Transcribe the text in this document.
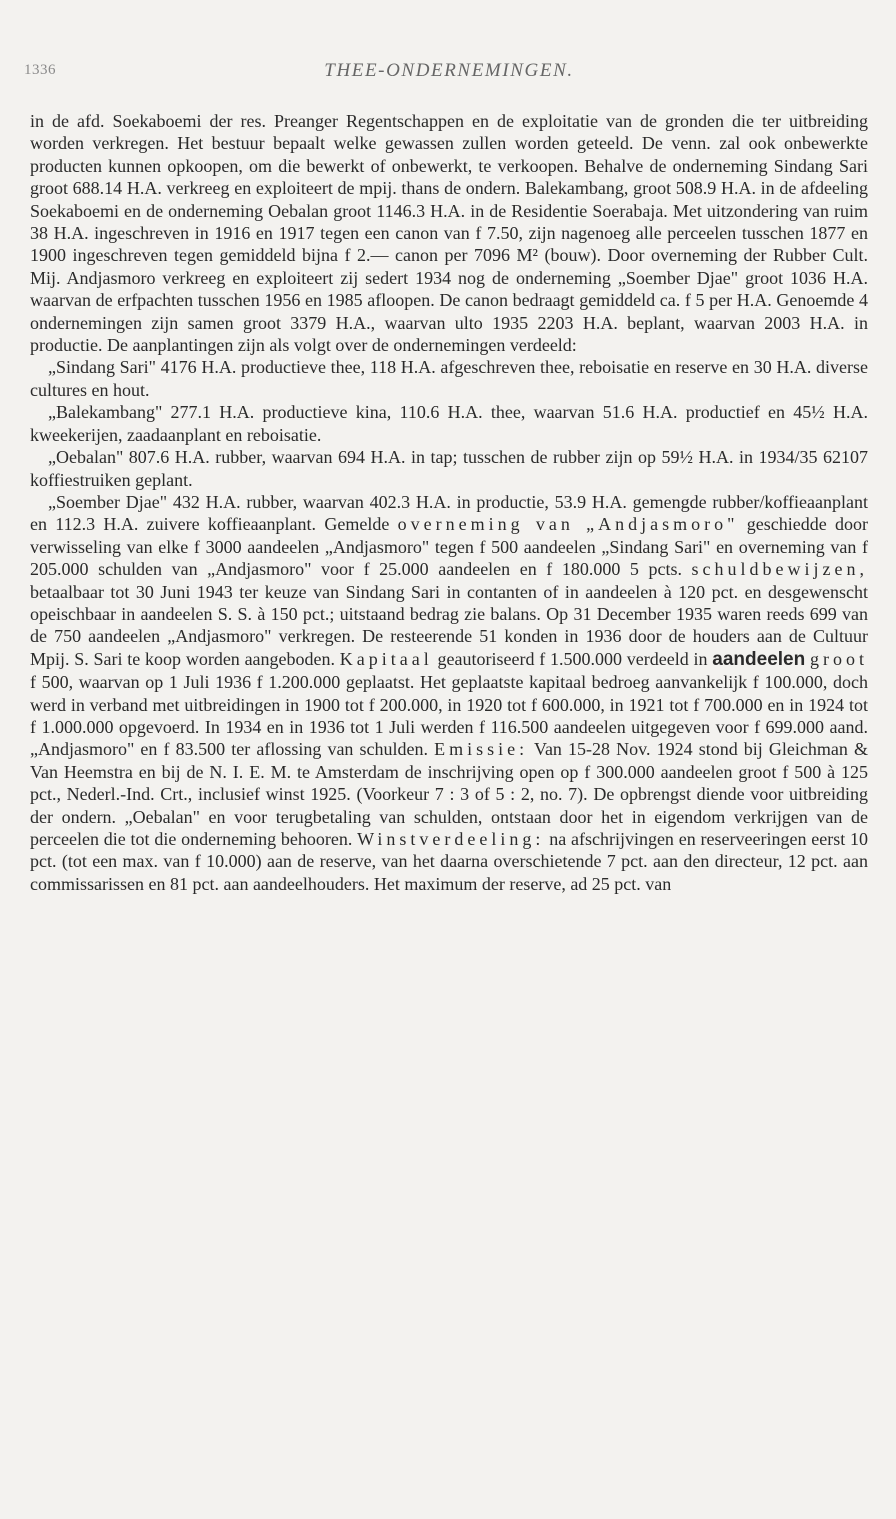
1336	THEE-ONDERNEMINGEN.

in de afd. Soekaboemi der res. Preanger Regentschappen en de exploitatie van de gronden die ter uitbreiding worden verkregen. Het bestuur bepaalt welke gewassen zullen worden geteeld. De venn. zal ook onbewerkte producten kunnen opkoopen, om die bewerkt of onbewerkt, te verkoopen. Behalve de onderneming Sindang Sari groot 688.14 H.A. verkreeg en exploiteert de mpij. thans de ondern. Balekambang, groot 508.9 H.A. in de afdeeling Soekaboemi en de onderneming Oebalan groot 1146.3 H.A. in de Residentie Soerabaja. Met uitzondering van ruim 38 H.A. ingeschreven in 1916 en 1917 tegen een canon van f 7.50, zijn nagenoeg alle perceelen tusschen 1877 en 1900 ingeschreven tegen gemiddeld bijna f 2.— canon per 7096 M² (bouw). Door overneming der Rubber Cult. Mij. Andjasmoro verkreeg en exploiteert zij sedert 1934 nog de onderneming „Soember Djae" groot 1036 H.A. waarvan de erfpachten tusschen 1956 en 1985 afloopen. De canon bedraagt gemiddeld ca. f 5 per H.A. Genoemde 4 ondernemingen zijn samen groot 3379 H.A., waarvan ulto 1935 2203 H.A. beplant, waarvan 2003 H.A. in productie. De aanplantingen zijn als volgt over de ondernemingen verdeeld:

„Sindang Sari" 4176 H.A. productieve thee, 118 H.A. afgeschreven thee, reboisatie en reserve en 30 H.A. diverse cultures en hout.

„Balekambang" 277.1 H.A. productieve kina, 110.6 H.A. thee, waarvan 51.6 H.A. productief en 45½ H.A. kweekerijen, zaadaanplant en reboisatie.

„Oebalan" 807.6 H.A. rubber, waarvan 694 H.A. in tap; tusschen de rubber zijn op 59½ H.A. in 1934/35 62107 koffiestruiken geplant.

„Soember Djae" 432 H.A. rubber, waarvan 402.3 H.A. in productie, 53.9 H.A. gemengde rubber/koffieaanplant en 112.3 H.A. zuivere koffieaanplant. Gemelde overneming van „Andjasmoro" geschiedde door verwisseling van elke f 3000 aandeelen „Andjasmoro" tegen f 500 aandeelen „Sindang Sari" en overneming van f 205.000 schulden van „Andjasmoro" voor f 25.000 aandeelen en f 180.000 5 pcts. schuldbewijzen, betaalbaar tot 30 Juni 1943 ter keuze van Sindang Sari in contanten of in aandeelen à 120 pct. en desgewenscht opeischbaar in aandeelen S. S. à 150 pct.; uitstaand bedrag zie balans. Op 31 December 1935 waren reeds 699 van de 750 aandeelen „Andjasmoro" verkregen. De resteerende 51 konden in 1936 door de houders aan de Cultuur Mpij. S. Sari te koop worden aangeboden. Kapitaal geautoriseerd f 1.500.000 verdeeld in aandeelen groot f 500, waarvan op 1 Juli 1936 f 1.200.000 geplaatst. Het geplaatste kapitaal bedroeg aanvankelijk f 100.000, doch werd in verband met uitbreidingen in 1900 tot f 200.000, in 1920 tot f 600.000, in 1921 tot f 700.000 en in 1924 tot f 1.000.000 opgevoerd. In 1934 en in 1936 tot 1 Juli werden f 116.500 aandeelen uitgegeven voor f 699.000 aand. „Andjasmoro" en f 83.500 ter aflossing van schulden. Emissie: Van 15-28 Nov. 1924 stond bij Gleichman & Van Heemstra en bij de N. I. E. M. te Amsterdam de inschrijving open op f 300.000 aandeelen groot f 500 à 125 pct., Nederl.-Ind. Crt., inclusief winst 1925. (Voorkeur 7 : 3 of 5 : 2, no. 7). De opbrengst diende voor uitbreiding der ondern. „Oebalan" en voor terugbetaling van schulden, ontstaan door het in eigendom verkrijgen van de perceelen die tot die onderneming behooren. Winstverdeeling: na afschrijvingen en reserveeringen eerst 10 pct. (tot een max. van f 10.000) aan de reserve, van het daarna overschietende 7 pct. aan den directeur, 12 pct. aan commissarissen en 81 pct. aan aandeelhouders. Het maximum der reserve, ad 25 pct. van
